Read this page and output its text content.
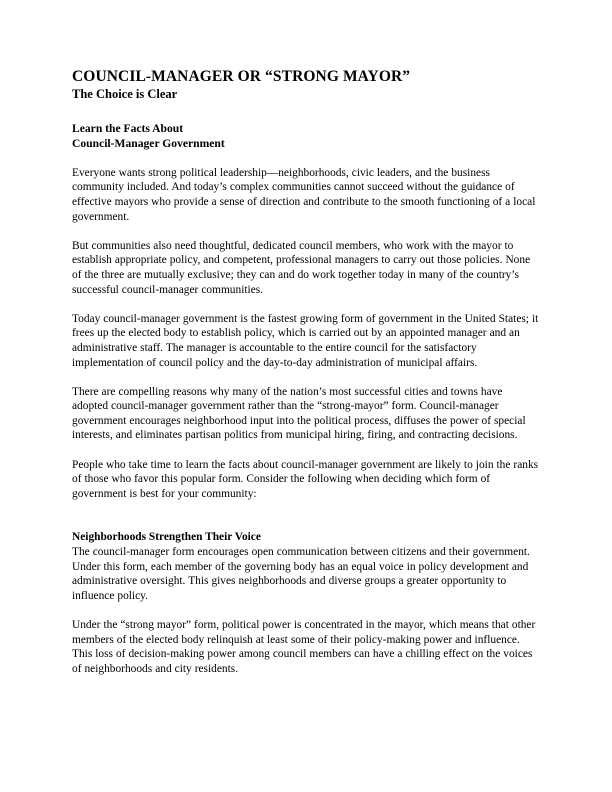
COUNCIL-MANAGER OR “STRONG MAYOR”
The Choice is Clear
Learn the Facts About
Council-Manager Government

Everyone wants strong political leadership—neighborhoods, civic leaders, and the business community included. And today’s complex communities cannot succeed without the guidance of effective mayors who provide a sense of direction and contribute to the smooth functioning of a local government.

But communities also need thoughtful, dedicated council members, who work with the mayor to establish appropriate policy, and competent, professional managers to carry out those policies. None of the three are mutually exclusive; they can and do work together today in many of the country’s successful council-manager communities.

Today council-manager government is the fastest growing form of government in the United States; it frees up the elected body to establish policy, which is carried out by an appointed manager and an administrative staff. The manager is accountable to the entire council for the satisfactory implementation of council policy and the day-to-day administration of municipal affairs.

There are compelling reasons why many of the nation’s most successful cities and towns have adopted council-manager government rather than the “strong-mayor” form. Council-manager government encourages neighborhood input into the political process, diffuses the power of special interests, and eliminates partisan politics from municipal hiring, firing, and contracting decisions.

People who take time to learn the facts about council-manager government are likely to join the ranks of those who favor this popular form. Consider the following when deciding which form of government is best for your community:

Neighborhoods Strengthen Their Voice

The council-manager form encourages open communication between citizens and their government. Under this form, each member of the governing body has an equal voice in policy development and administrative oversight. This gives neighborhoods and diverse groups a greater opportunity to influence policy.

Under the “strong mayor” form, political power is concentrated in the mayor, which means that other members of the elected body relinquish at least some of their policy-making power and influence. This loss of decision-making power among council members can have a chilling effect on the voices of neighborhoods and city residents.
